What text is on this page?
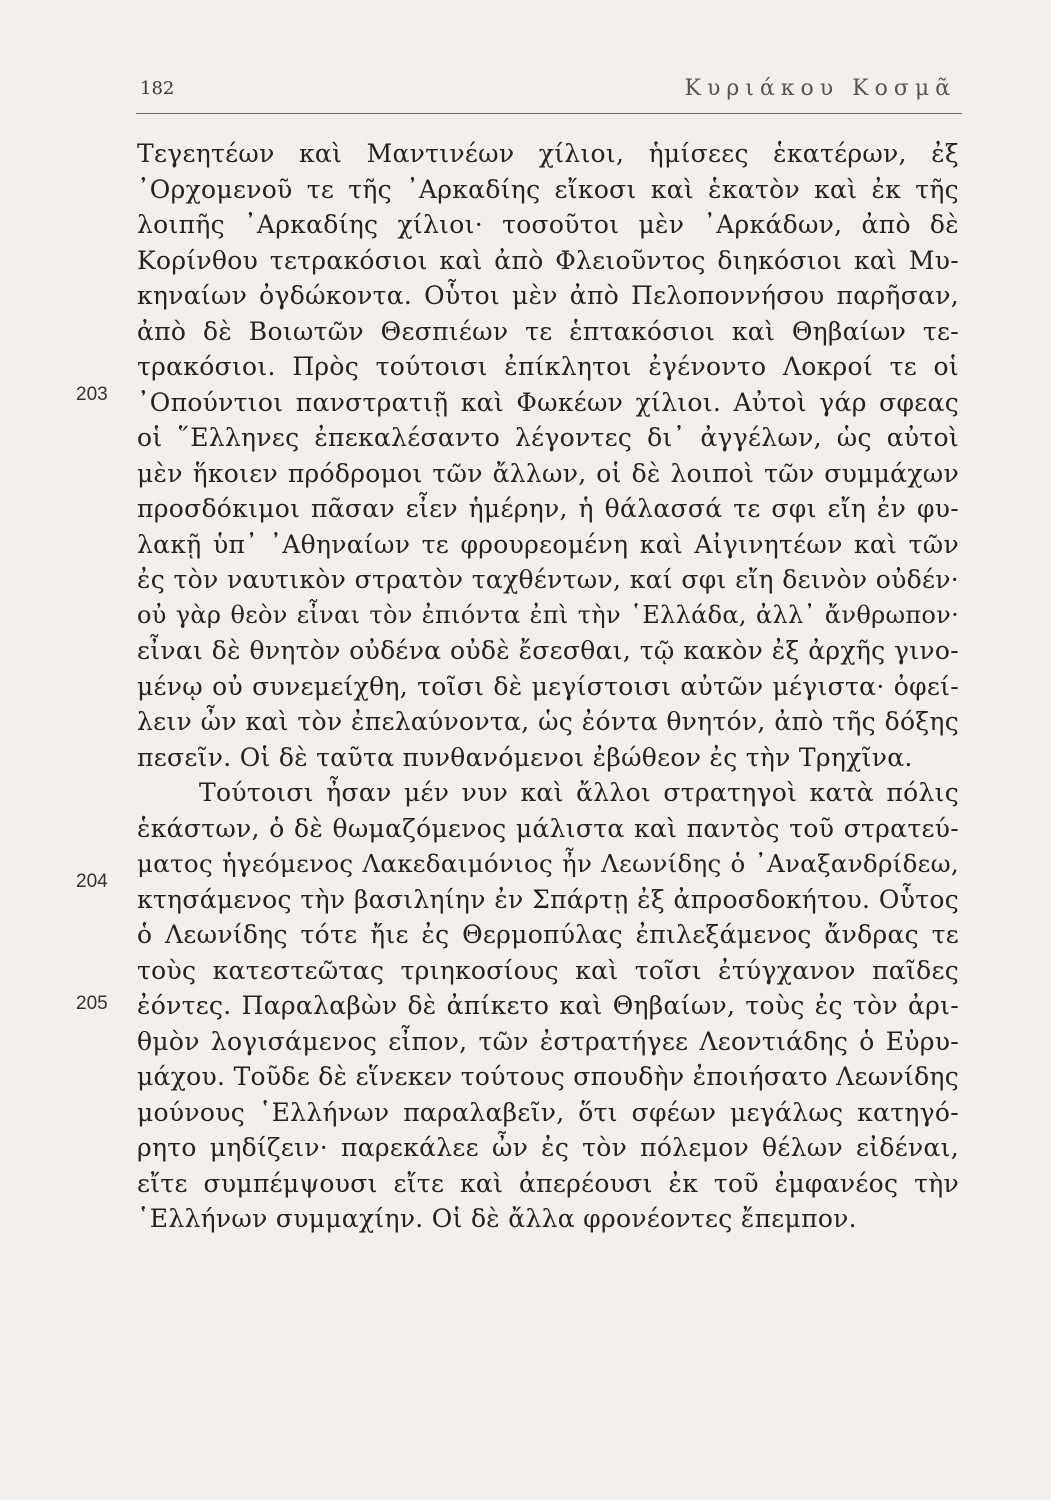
182	Κυριάκου Κοσμᾶ
203
204
205
Τεγεητέων καὶ Μαντινέων χίλιοι, ἡμίσεες ἑκατέρων, ἐξ
᾿Ορχομενοῦ τε τῆς ᾿Αρκαδίης εἴκοσι καὶ ἑκατὸν καὶ ἐκ τῆς
λοιπῆς ᾿Αρκαδίης χίλιοι· τοσοῦτοι μὲν ᾿Αρκάδων, ἀπὸ δὲ
Κορίνθου τετρακόσιοι καὶ ἀπὸ Φλειοῦντος διηκόσιοι καὶ Μυ-
κηναίων ὀγδώκοντα. Οὗτοι μὲν ἀπὸ Πελοποννήσου παρῆσαν,
ἀπὸ δὲ Βοιωτῶν Θεσπιέων τε ἑπτακόσιοι καὶ Θηβαίων τε-
τρακόσιοι. Πρὸς τούτοισι ἐπίκλητοι ἐγένοντο Λοκροί τε οἱ
᾿Οπούντιοι πανστρατιῇ καὶ Φωκέων χίλιοι. Αὐτοὶ γάρ σφεας
οἱ ῞Ελληνες ἐπεκαλέσαντο λέγοντες δι᾿ ἀγγέλων, ὡς αὐτοὶ
μὲν ἥκοιεν πρόδρομοι τῶν ἄλλων, οἱ δὲ λοιποὶ τῶν συμμάχων
προσδόκιμοι πᾶσαν εἶεν ἡμέρην, ἡ θάλασσά τε σφι εἴη ἐν φυ-
λακῇ ὑπ᾿ ᾿Αθηναίων τε φρουρεομένη καὶ Αἰγινητέων καὶ τῶν
ἐς τὸν ναυτικὸν στρατὸν ταχθέντων, καί σφι εἴη δεινὸν οὐδέν·
οὐ γὰρ θεὸν εἶναι τὸν ἐπιόντα ἐπὶ τὴν ῾Ελλάδα, ἀλλ᾿ ἄνθρωπον·
εἶναι δὲ θνητὸν οὐδένα οὐδὲ ἔσεσθαι, τῷ κακὸν ἐξ ἀρχῆς γινο-
μένῳ οὐ συνεμείχθη, τοῖσι δὲ μεγίστοισι αὐτῶν μέγιστα· ὀφεί-
λειν ὦν καὶ τὸν ἐπελαύνοντα, ὡς ἐόντα θνητόν, ἀπὸ τῆς δόξης
πεσεῖν. Οἱ δὲ ταῦτα πυνθανόμενοι ἐβώθεον ἐς τὴν Τρηχῖνα.
Τούτοισι ἦσαν μέν νυν καὶ ἄλλοι στρατηγοὶ κατὰ πόλις
ἑκάστων, ὁ δὲ θωμαζόμενος μάλιστα καὶ παντὸς τοῦ στρατεύ-
ματος ἡγεόμενος Λακεδαιμόνιος ἦν Λεωνίδης ὁ ᾿Αναξανδρίδεω,
κτησάμενος τὴν βασιληίην ἐν Σπάρτῃ ἐξ ἀπροσδοκήτου. Οὗτος
ὁ Λεωνίδης τότε ἤιε ἐς Θερμοπύλας ἐπιλεξάμενος ἄνδρας τε
τοὺς κατεστεῶτας τριηκοσίους καὶ τοῖσι ἐτύγχανον παῖδες
ἐόντες. Παραλαβὼν δὲ ἀπίκετο καὶ Θηβαίων, τοὺς ἐς τὸν ἀρι-
θμὸν λογισάμενος εἶπον, τῶν ἐστρατήγεε Λεοντιάδης ὁ Εὐρυ-
μάχου. Τοῦδε δὲ εἵνεκεν τούτους σπουδὴν ἐποιήσατο Λεωνίδης
μούνους ῾Ελλήνων παραλαβεῖν, ὅτι σφέων μεγάλως κατηγό-
ρητο μηδίζειν· παρεκάλεε ὦν ἐς τὸν πόλεμον θέλων εἰδέναι,
εἴτε συμπέμψουσι εἴτε καὶ ἀπερέουσι ἐκ τοῦ ἐμφανέος τὴν
῾Ελλήνων συμμαχίην. Οἱ δὲ ἄλλα φρονέοντες ἔπεμπον.
